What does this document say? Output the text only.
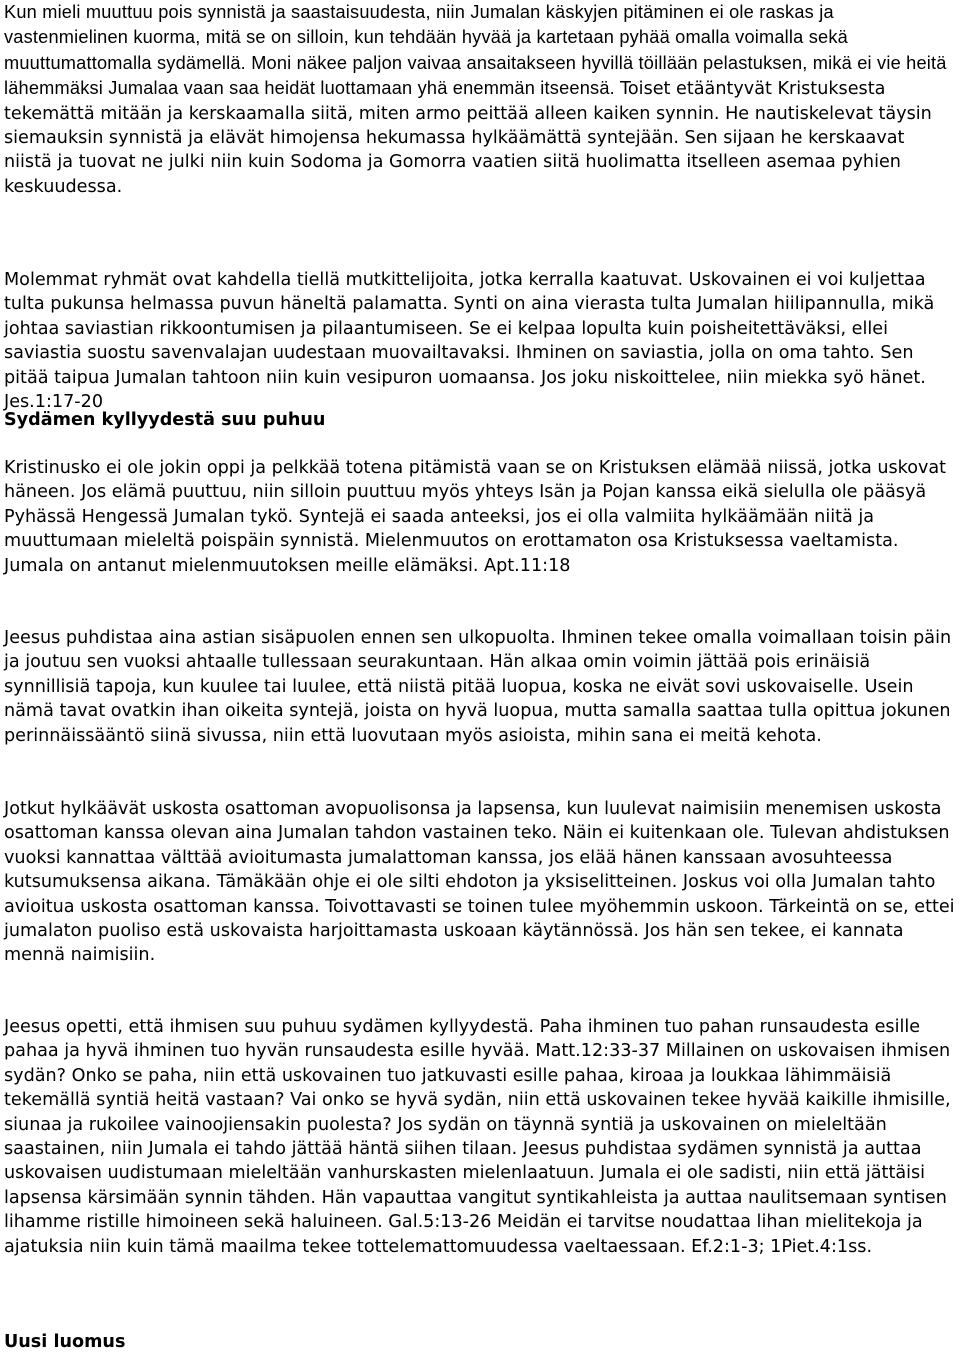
Kun mieli muuttuu pois synnistä ja saastaisuudesta, niin Jumalan käskyjen pitäminen ei ole raskas ja vastenmielinen kuorma, mitä se on silloin, kun tehdään hyvää ja kartetaan pyhää omalla voimalla sekä muuttumattomalla sydämellä. Moni näkee paljon vaivaa ansaitakseen hyvillä töillään pelastuksen, mikä ei vie heitä lähemmäksi Jumalaa vaan saa heidät luottamaan yhä enemmän itseensä. Toiset etääntyvät Kristuksesta tekemättä mitään ja kerskaamalla siitä, miten armo peittää alleen kaiken synnin. He nautiskelevat täysin siemauksin synnistä ja elävät himojensa hekumassa hylkäämättä syntejään. Sen sijaan he kerskaavat niistä ja tuovat ne julki niin kuin Sodoma ja Gomorra vaatien siitä huolimatta itselleen asemaa pyhien keskuudessa.

Molemmat ryhmät ovat kahdella tiellä mutkittelijoita, jotka kerralla kaatuvat. Uskovainen ei voi kuljettaa tulta pukunsa helmassa puvun häneltä palamatta. Synti on aina vierasta tulta Jumalan hiilipannulla, mikä johtaa saviastian rikkoontumisen ja pilaantumiseen. Se ei kelpaa lopulta kuin poisheitettäväksi, ellei saviastia suostu savenvalajan uudestaan muovailtavaksi. Ihminen on saviastia, jolla on oma tahto. Sen pitää taipua Jumalan tahtoon niin kuin vesipuron uomaansa. Jos joku niskoittelee, niin miekka syö hänet. Jes.1:17-20

Sydämen kyllyydestä suu puhuu

Kristinusko ei ole jokin oppi ja pelkkää totena pitämistä vaan se on Kristuksen elämää niissä, jotka uskovat häneen. Jos elämä puuttuu, niin silloin puuttuu myös yhteys Isän ja Pojan kanssa eikä sielulla ole pääsyä Pyhässä Hengessä Jumalan tykö. Syntejä ei saada anteeksi, jos ei olla valmiita hylkäämään niitä ja muuttumaan mieleltä poispäin synnistä. Mielenmuutos on erottamaton osa Kristuksessa vaeltamista. Jumala on antanut mielenmuutoksen meille elämäksi. Apt.11:18

Jeesus puhdistaa aina astian sisäpuolen ennen sen ulkopuolta. Ihminen tekee omalla voimallaan toisin päin ja joutuu sen vuoksi ahtaalle tullessaan seurakuntaan. Hän alkaa omin voimin jättää pois erinäisiä synnillisiä tapoja, kun kuulee tai luulee, että niistä pitää luopua, koska ne eivät sovi uskovaiselle. Usein nämä tavat ovatkin ihan oikeita syntejä, joista on hyvä luopua, mutta samalla saattaa tulla opittua jokunen perinnäissääntö siinä sivussa, niin että luovutaan myös asioista, mihin sana ei meitä kehota.

Jotkut hylkäävät uskosta osattoman avopuolisonsa ja lapsensa, kun luulevat naimisiin menemisen uskosta osattoman kanssa olevan aina Jumalan tahdon vastainen teko. Näin ei kuitenkaan ole. Tulevan ahdistuksen vuoksi kannattaa välttää avioitumasta jumalattoman kanssa, jos elää hänen kanssaan avosuhteessa kutsumuksensa aikana. Tämäkään ohje ei ole silti ehdoton ja yksiselitteinen. Joskus voi olla Jumalan tahto avioitua uskosta osattoman kanssa. Toivottavasti se toinen tulee myöhemmin uskoon. Tärkeintä on se, ettei jumalaton puoliso estä uskovaista harjoittamasta uskoaan käytännössä. Jos hän sen tekee, ei kannata mennä naimisiin.

Jeesus opetti, että ihmisen suu puhuu sydämen kyllyydestä. Paha ihminen tuo pahan runsaudesta esille pahaa ja hyvä ihminen tuo hyvän runsaudesta esille hyvää. Matt.12:33-37 Millainen on uskovaisen ihmisen sydän? Onko se paha, niin että uskovainen tuo jatkuvasti esille pahaa, kiroaa ja loukkaa lähimmäisiä tekemällä syntiä heitä vastaan? Vai onko se hyvä sydän, niin että uskovainen tekee hyvää kaikille ihmisille, siunaa ja rukoilee vainoojiensakin puolesta? Jos sydän on täynnä syntiä ja uskovainen on mieleltään saastainen, niin Jumala ei tahdo jättää häntä siihen tilaan. Jeesus puhdistaa sydämen synnistä ja auttaa uskovaisen uudistumaan mieleltään vanhurskasten mielenlaatuun. Jumala ei ole sadisti, niin että jättäisi lapsensa kärsimään synnin tähden. Hän vapauttaa vangitut syntikahleista ja auttaa naulitsemaan syntisen lihamme ristille himoineen sekä haluineen. Gal.5:13-26 Meidän ei tarvitse noudattaa lihan mielitekoja ja ajatuksia niin kuin tämä maailma tekee tottelemattomuudessa vaeltaessaan. Ef.2:1-3; 1Piet.4:1ss.

Uusi luomus
